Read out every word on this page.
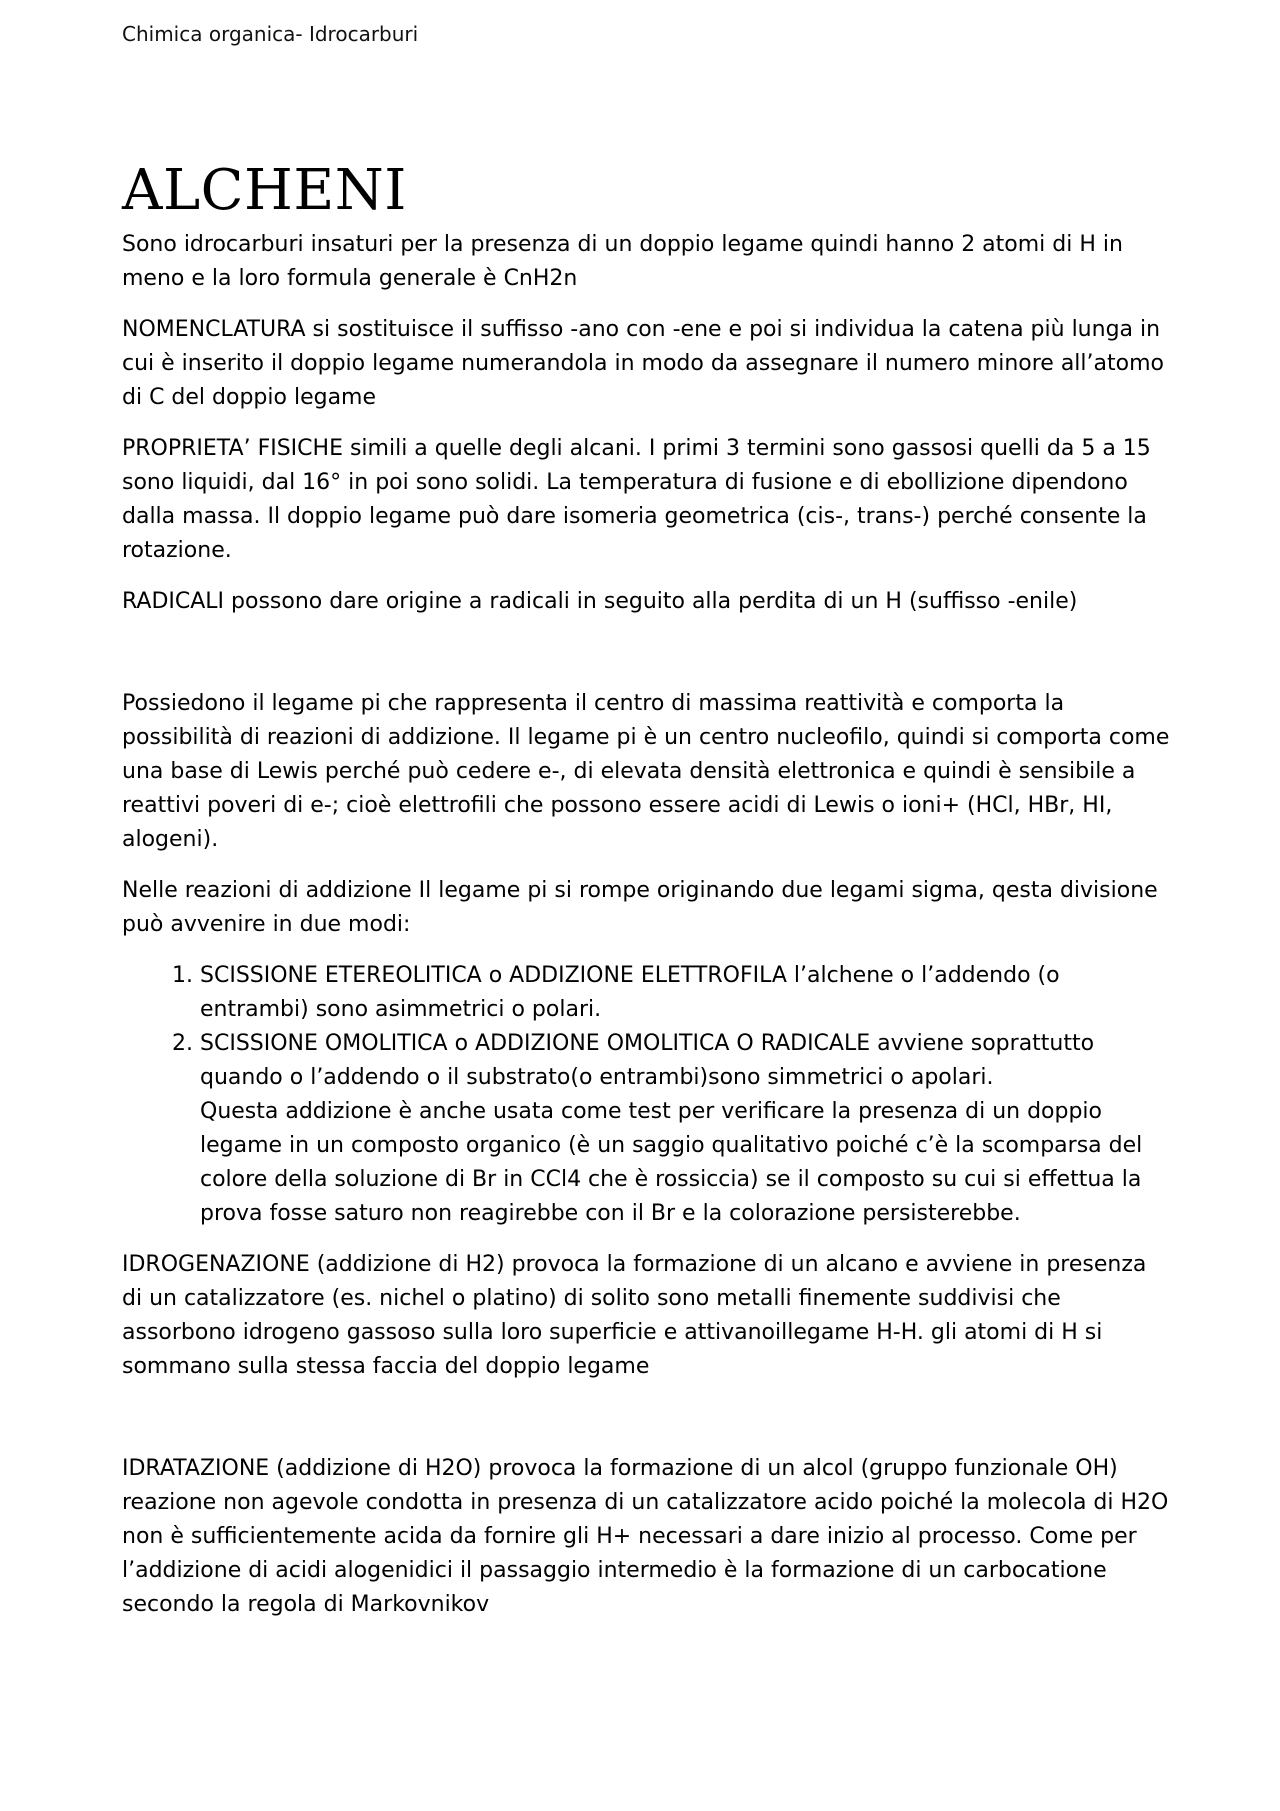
Chimica organica- Idrocarburi
ALCHENI

Sono idrocarburi insaturi per la presenza di un doppio legame quindi hanno 2 atomi di H in meno e la loro formula generale è CnH2n

NOMENCLATURA si sostituisce il suffisso -ano con -ene e poi si individua la catena più lunga in cui è inserito il doppio legame numerandola in modo da assegnare il numero minore all’atomo di C del doppio legame

PROPRIETA’ FISICHE simili a quelle degli alcani. I primi 3 termini sono gassosi quelli da 5 a 15 sono liquidi, dal 16° in poi sono solidi. La temperatura di fusione e di ebollizione dipendono dalla massa. Il doppio legame può dare isomeria geometrica (cis-, trans-) perché consente la rotazione.

RADICALI possono dare origine a radicali in seguito alla perdita di un H (suffisso -enile)

Possiedono il legame pi che rappresenta il centro di massima reattività e comporta la possibilità di reazioni di addizione. Il legame pi è un centro nucleofilo, quindi si comporta come una base di Lewis perché può cedere e-, di elevata densità elettronica e quindi è sensibile a reattivi poveri di e-; cioè elettrofili che possono essere acidi di Lewis o ioni+ (HCl, HBr, HI, alogeni).

Nelle reazioni di addizione Il legame pi si rompe originando due legami sigma, qesta divisione può avvenire in due modi:

1. SCISSIONE ETEREOLITICA o ADDIZIONE ELETTROFILA l’alchene o l’addendo (o entrambi) sono asimmetrici o polari.
2. SCISSIONE OMOLITICA o ADDIZIONE OMOLITICA O RADICALE avviene soprattutto quando o l’addendo o il substrato(o entrambi)sono simmetrici o apolari.
Questa addizione è anche usata come test per verificare la presenza di un doppio legame in un composto organico (è un saggio qualitativo poiché c’è la scomparsa del colore della soluzione di Br in CCl4 che è rossiccia) se il composto su cui si effettua la prova fosse saturo non reagirebbe con il Br e la colorazione persisterebbe.

IDROGENAZIONE (addizione di H2) provoca la formazione di un alcano e avviene in presenza di un catalizzatore (es. nichel o platino) di solito sono metalli finemente suddivisi che assorbono idrogeno gassoso sulla loro superficie e attivanoillegame H-H. gli atomi di H si sommano sulla stessa faccia del doppio legame

IDRATAZIONE (addizione di H2O) provoca la formazione di un alcol (gruppo funzionale OH) reazione non agevole condotta in presenza di un catalizzatore acido poiché la molecola di H2O non è sufficientemente acida da fornire gli H+ necessari a dare inizio al processo. Come per l’addizione di acidi alogenidici il passaggio intermedio è la formazione di un carbocatione secondo la regola di Markovnikov
